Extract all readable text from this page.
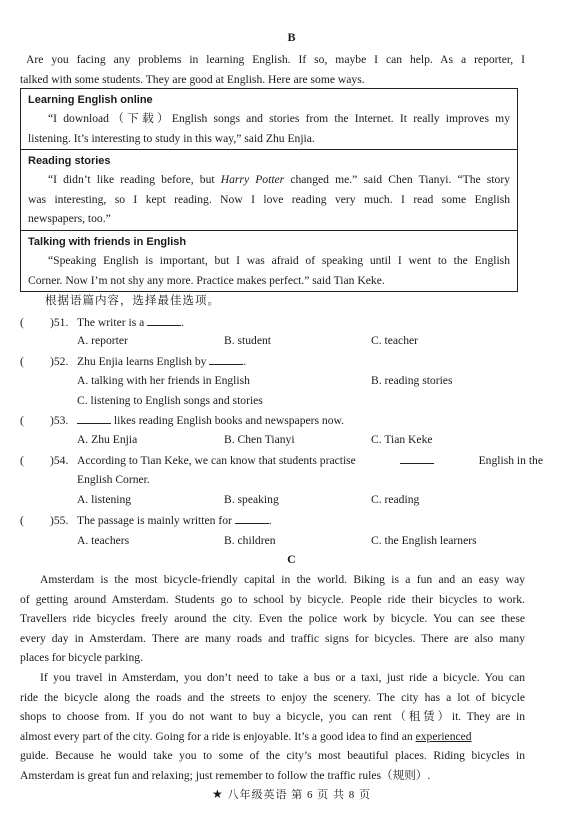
B
Are you facing any problems in learning English. If so, maybe I can help. As a reporter, I
talked with some students. They are good at English. Here are some ways.
Learning English online
“I download（下载）English songs and stories from the Internet. It really improves my
listening. It’s interesting to study in this way,” said Zhu Enjia.
Reading stories
“I didn’t like reading before, but Harry Potter changed me.” said Chen Tianyi. “The story
was interesting, so I kept reading. Now I love reading very much. I read some English
newspapers, too.”
Talking with friends in English
“Speaking English is important, but I was afraid of speaking until I went to the English
Corner. Now I’m not shy any more. Practice makes perfect.” said Tian Keke.
根据语篇内容，选择最佳选项。
( )51. The writer is a	.
A. reporter	B. student	C. teacher
( )52. Zhu Enjia learns English by	.
A. talking with her friends in English	B. reading stories
C. listening to English songs and stories
( )53.	likes reading English books and newspapers now.
A. Zhu Enjia	B. Chen Tianyi	C. Tian Keke
( )54. According to Tian Keke, we can know that students practise	English in the
English Corner.
A. listening	B. speaking	C. reading
( )55. The passage is mainly written for	.
A. teachers	B. children	C. the English learners
C
Amsterdam is the most bicycle-friendly capital in the world. Biking is a fun and an easy way
of getting around Amsterdam. Students go to school by bicycle. People ride their bicycles to work.
Travellers ride bicycles freely around the city. Even the police work by bicycle. You can see these
every day in Amsterdam. There are many roads and traffic signs for bicycles. There are also many
places for bicycle parking.
If you travel in Amsterdam, you don’t need to take a bus or a taxi, just ride a bicycle. You can
ride the bicycle along the roads and the streets to enjoy the scenery. The city has a lot of bicycle
shops to choose from. If you do not want to buy a bicycle, you can rent（租赁）it. They are in
almost every part of the city. Going for a ride is enjoyable. It’s a good idea to find an experienced
guide. Because he would take you to some of the city’s most beautiful places. Riding bicycles in
Amsterdam is great fun and relaxing; just remember to follow the traffic rules（规则）.
★ 八年级英语 第 6 页 共 8 页
